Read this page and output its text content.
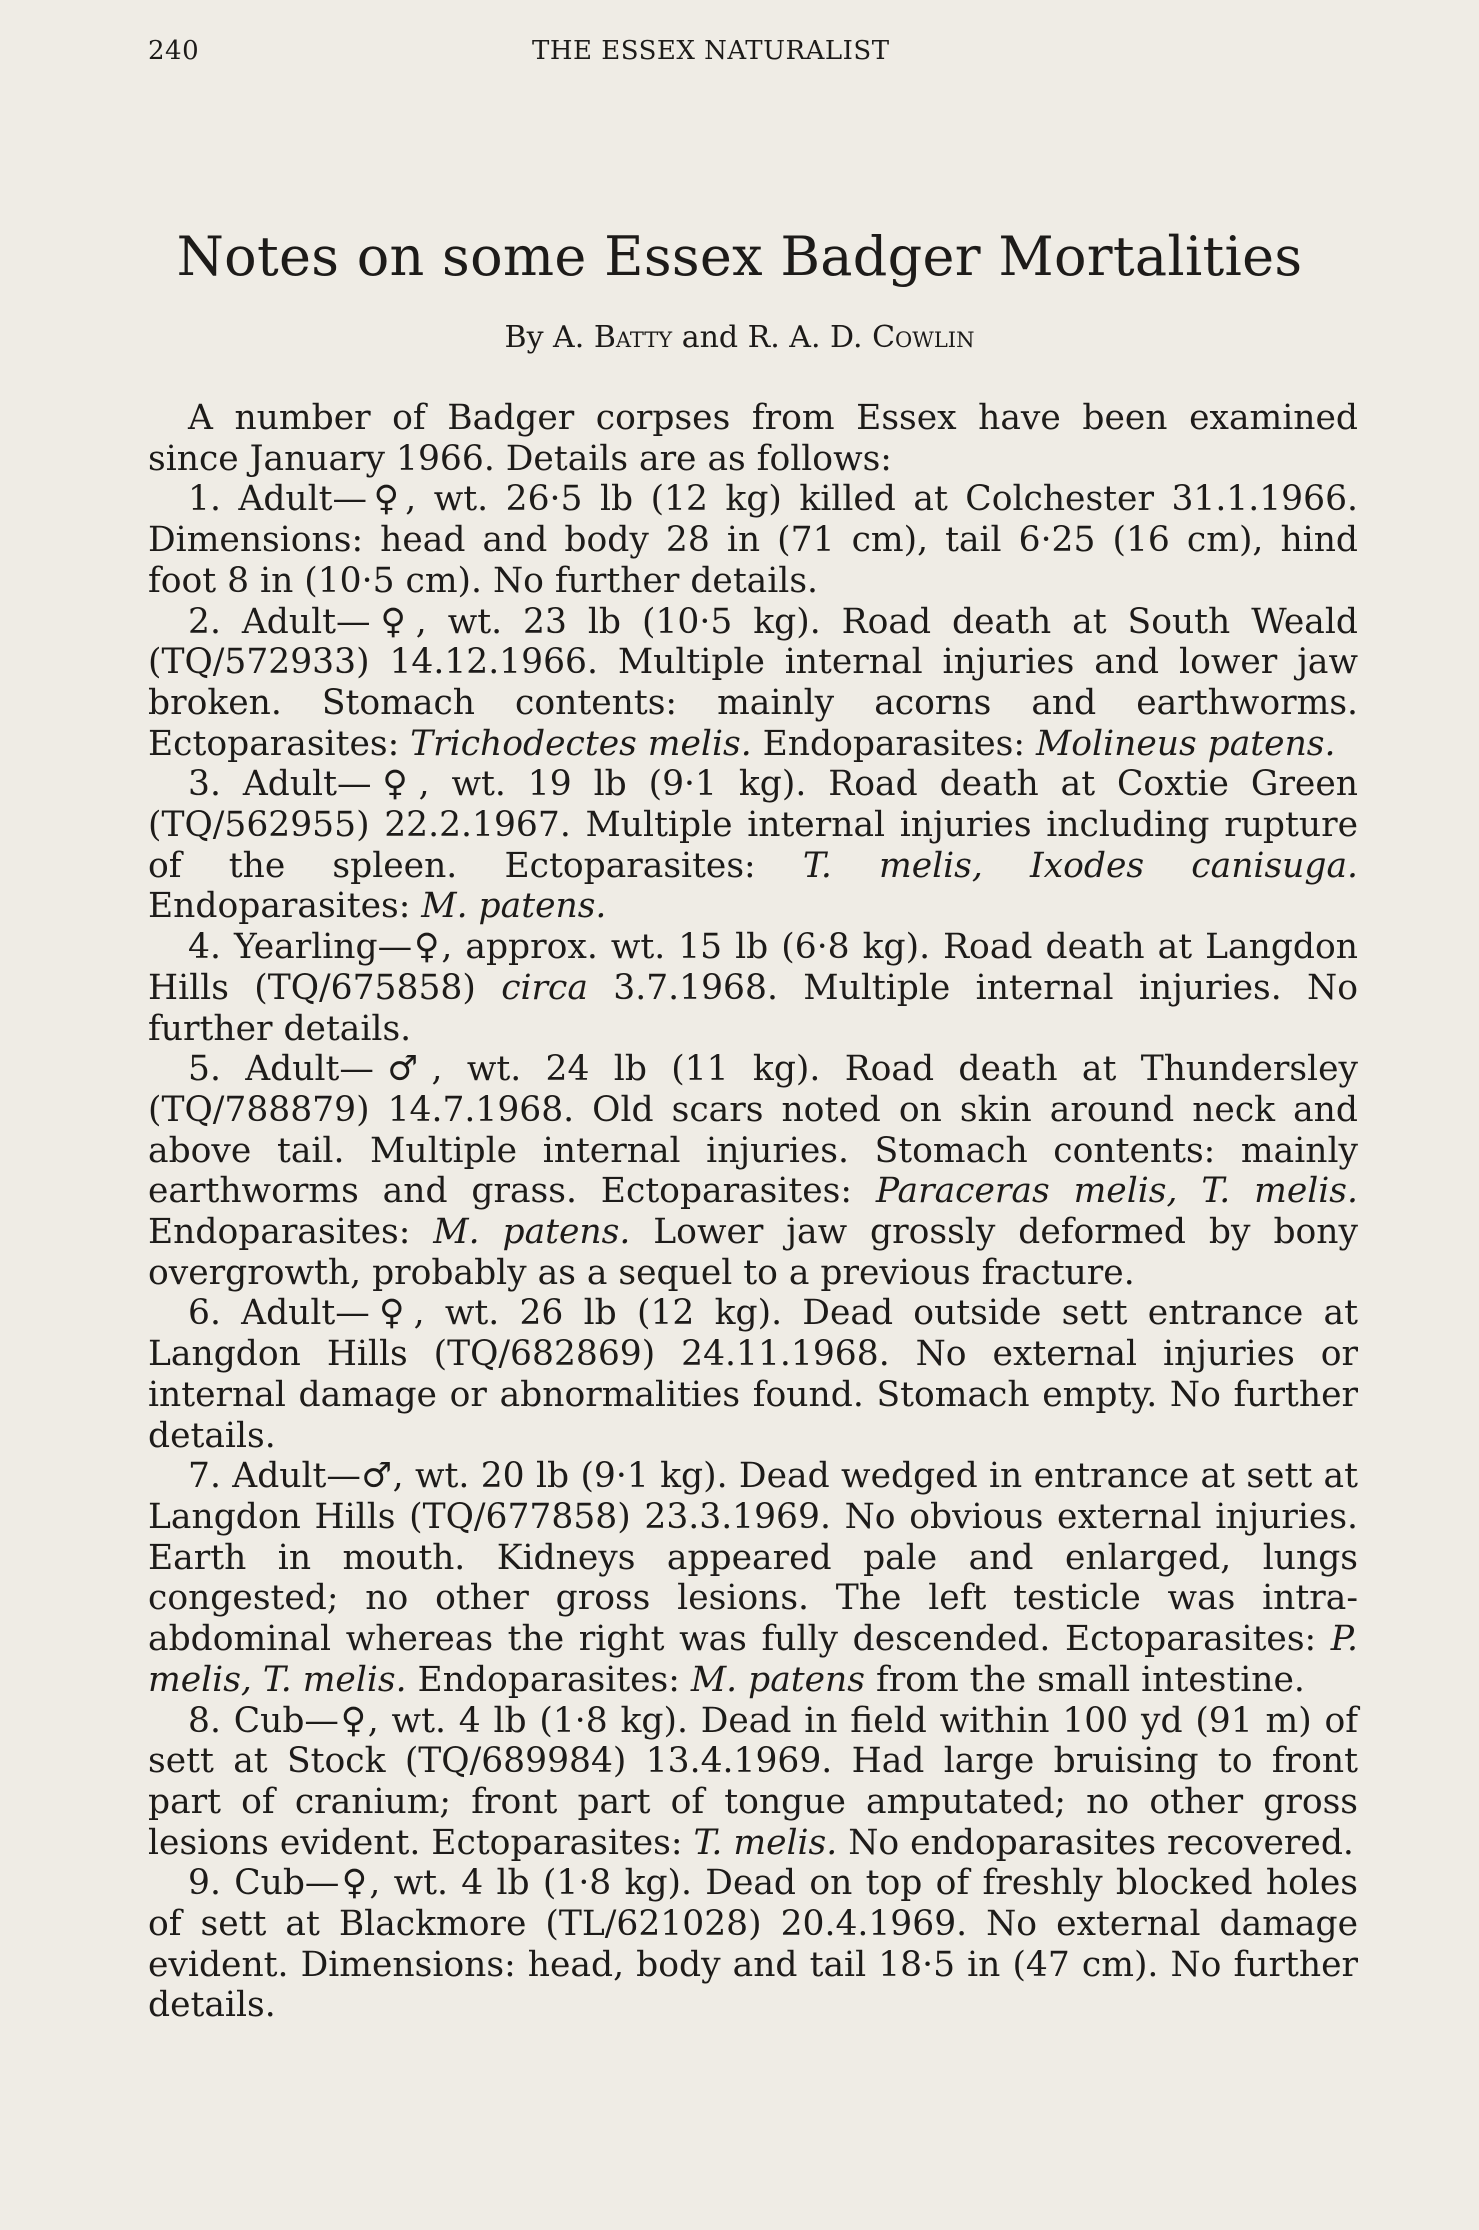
240	THE ESSEX NATURALIST
Notes on some Essex Badger Mortalities
By A. Batty and R. A. D. Cowlin

A number of Badger corpses from Essex have been examined since January 1966. Details are as follows:

1. Adult—♀, wt. 26·5 lb (12 kg) killed at Colchester 31.1.1966. Dimensions: head and body 28 in (71 cm), tail 6·25 (16 cm), hind foot 8 in (10·5 cm). No further details.

2. Adult—♀, wt. 23 lb (10·5 kg). Road death at South Weald (TQ/572933) 14.12.1966. Multiple internal injuries and lower jaw broken. Stomach contents: mainly acorns and earthworms. Ectoparasites: Trichodectes melis. Endoparasites: Molineus patens.

3. Adult—♀, wt. 19 lb (9·1 kg). Road death at Coxtie Green (TQ/562955) 22.2.1967. Multiple internal injuries including rupture of the spleen. Ectoparasites: T. melis, Ixodes canisuga. Endoparasites: M. patens.

4. Yearling—♀, approx. wt. 15 lb (6·8 kg). Road death at Langdon Hills (TQ/675858) circa 3.7.1968. Multiple internal injuries. No further details.

5. Adult—♂, wt. 24 lb (11 kg). Road death at Thundersley (TQ/788879) 14.7.1968. Old scars noted on skin around neck and above tail. Multiple internal injuries. Stomach contents: mainly earthworms and grass. Ectoparasites: Paraceras melis, T. melis. Endoparasites: M. patens. Lower jaw grossly deformed by bony overgrowth, probably as a sequel to a previous fracture.

6. Adult—♀, wt. 26 lb (12 kg). Dead outside sett entrance at Langdon Hills (TQ/682869) 24.11.1968. No external injuries or internal damage or abnormalities found. Stomach empty. No further details.

7. Adult—♂, wt. 20 lb (9·1 kg). Dead wedged in entrance at sett at Langdon Hills (TQ/677858) 23.3.1969. No obvious external injuries. Earth in mouth. Kidneys appeared pale and enlarged, lungs congested; no other gross lesions. The left testicle was intra-abdominal whereas the right was fully descended. Ectoparasites: P. melis, T. melis. Endoparasites: M. patens from the small intestine.

8. Cub—♀, wt. 4 lb (1·8 kg). Dead in field within 100 yd (91 m) of sett at Stock (TQ/689984) 13.4.1969. Had large bruising to front part of cranium; front part of tongue amputated; no other gross lesions evident. Ectoparasites: T. melis. No endoparasites recovered.

9. Cub—♀, wt. 4 lb (1·8 kg). Dead on top of freshly blocked holes of sett at Blackmore (TL/621028) 20.4.1969. No external damage evident. Dimensions: head, body and tail 18·5 in (47 cm). No further details.
